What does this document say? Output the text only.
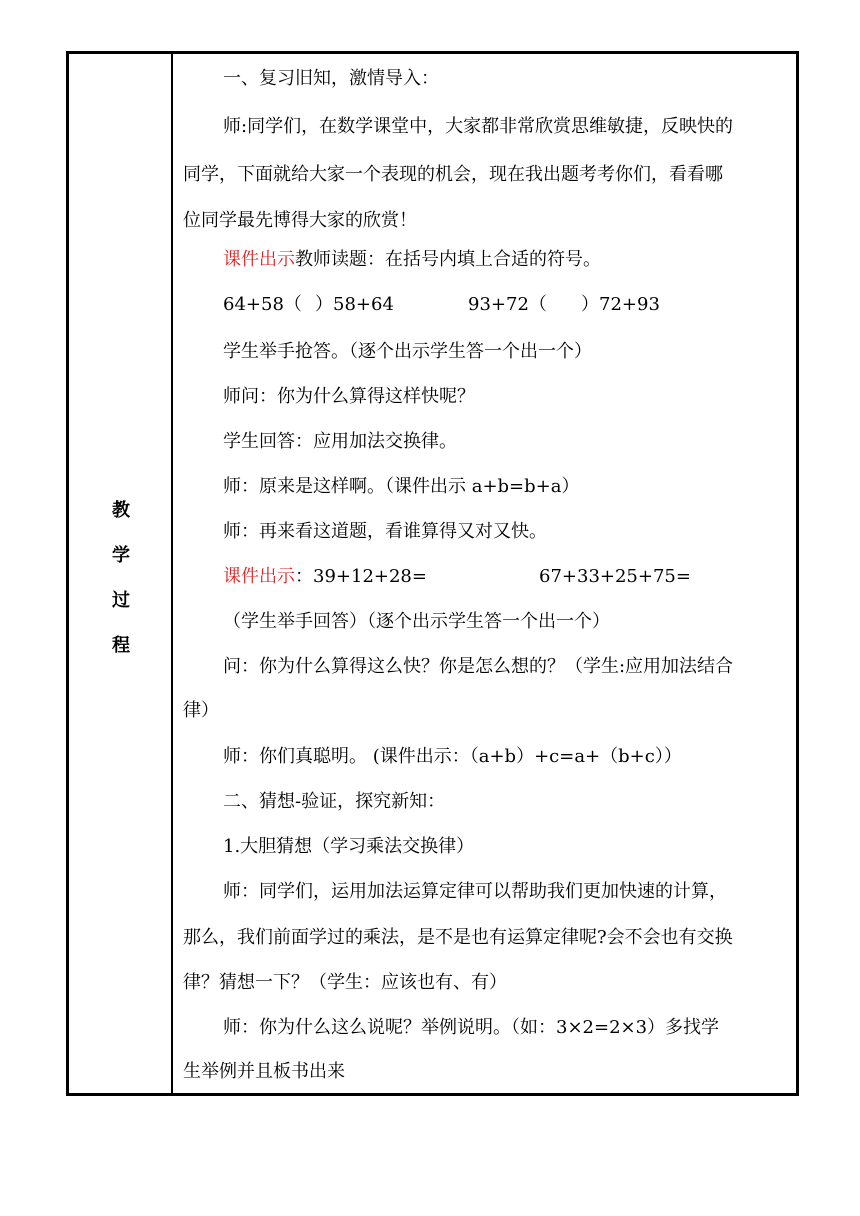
教
学
过
程
一、复习旧知，激情导入：
师:同学们，在数学课堂中，大家都非常欣赏思维敏捷，反映快的
同学，下面就给大家一个表现的机会，现在我出题考考你们，看看哪
位同学最先博得大家的欣赏！
课件出示教师读题：在括号内填上合适的符号。
64+58（ ）58+64	93+72（ ）72+93
学生举手抢答。（逐个出示学生答一个出一个）
师问：你为什么算得这样快呢？
学生回答：应用加法交换律。
师：原来是这样啊。（课件出示 a+b=b+a）
师：再来看这道题，看谁算得又对又快。
课件出示：39+12+28=	67+33+25+75=
（学生举手回答）（逐个出示学生答一个出一个）
问：你为什么算得这么快？你是怎么想的？（学生:应用加法结合
律）
师：你们真聪明。 (课件出示：（a+b）+c=a+（b+c））
二、猜想-验证，探究新知：
1.大胆猜想（学习乘法交换律）
师：同学们，运用加法运算定律可以帮助我们更加快速的计算，
那么，我们前面学过的乘法，是不是也有运算定律呢?会不会也有交换
律？猜想一下？（学生：应该也有、有）
师：你为什么这么说呢？举例说明。（如：3×2=2×3）多找学
生举例并且板书出来
